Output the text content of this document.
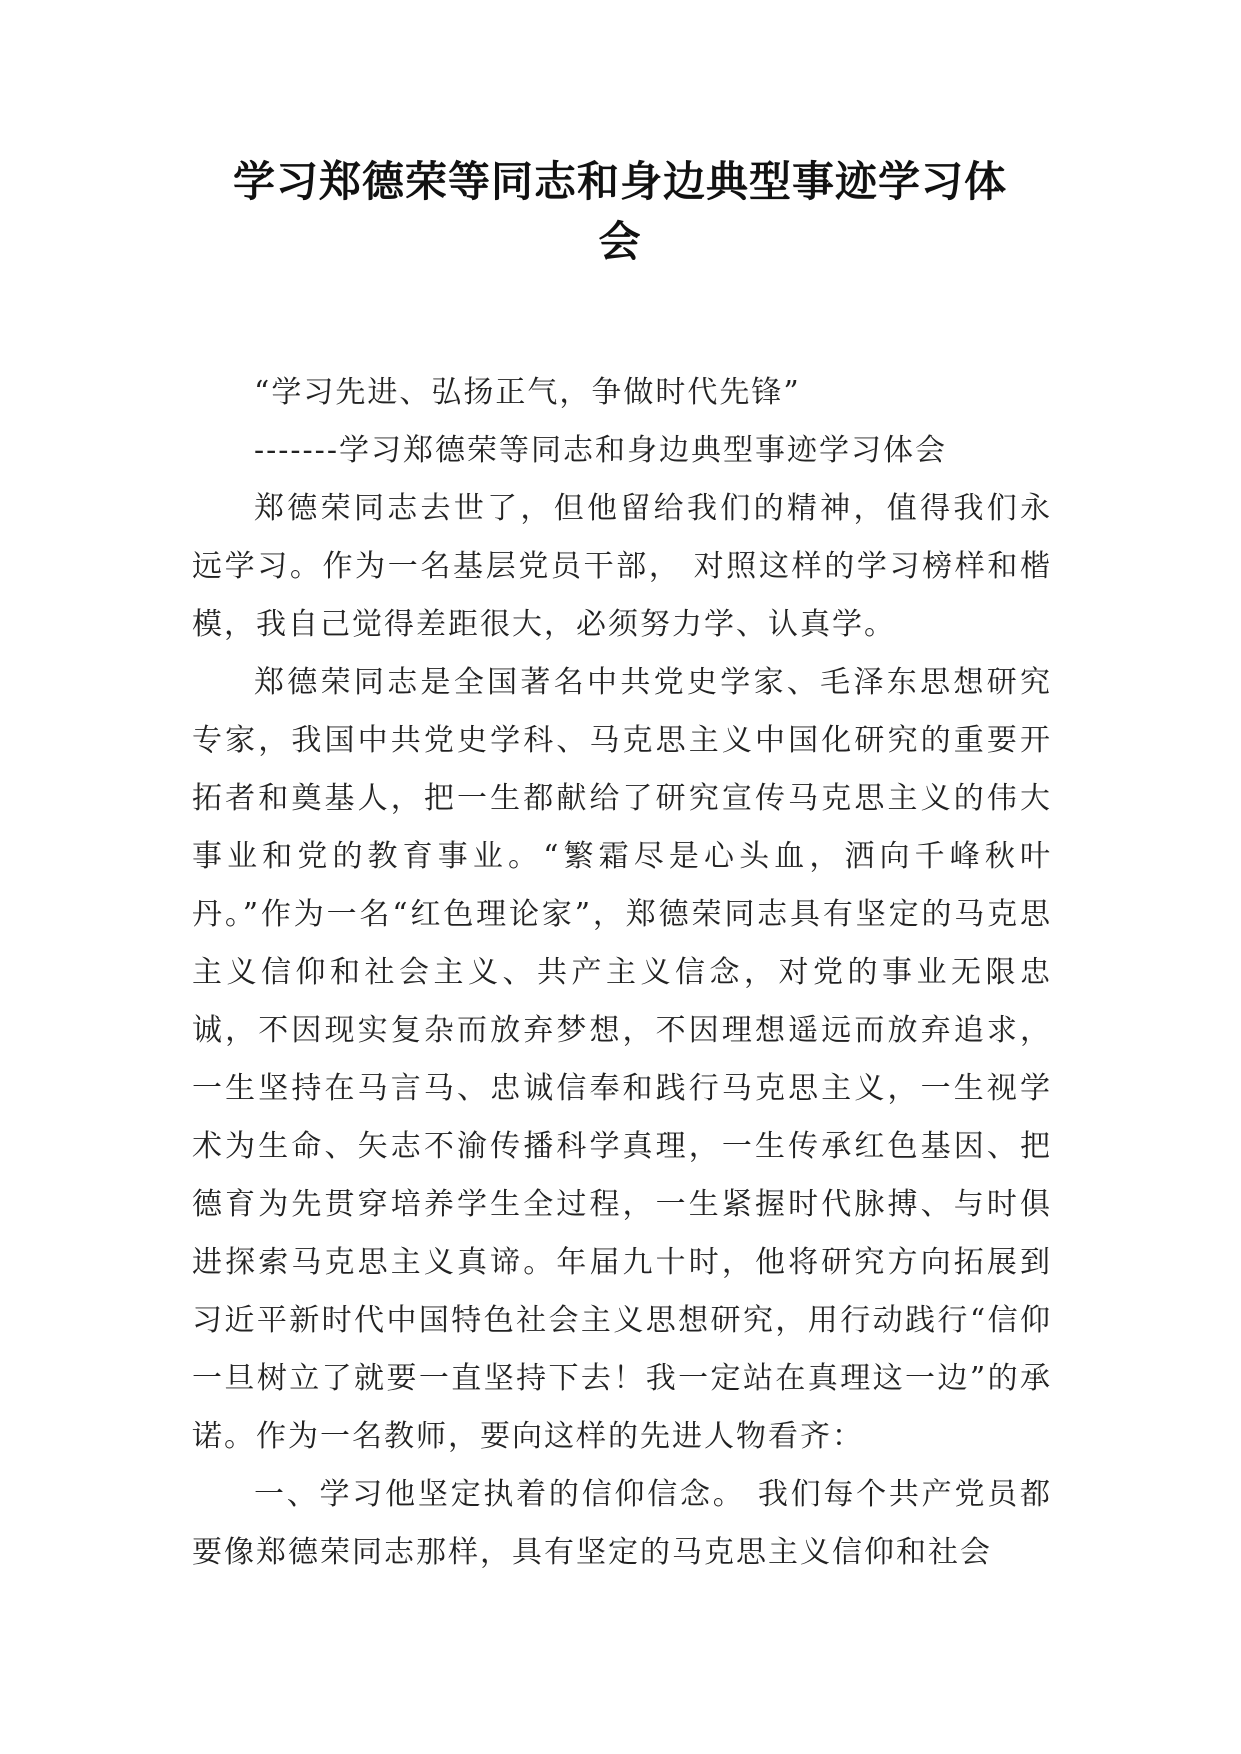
学习郑德荣等同志和身边典型事迹学习体
会

“学习先进、弘扬正气，争做时代先锋”

-------学习郑德荣等同志和身边典型事迹学习体会

郑德荣同志去世了，但他留给我们的精神，值得我们永远学习。作为一名基层党员干部， 对照这样的学习榜样和楷模，我自己觉得差距很大，必须努力学、认真学。

郑德荣同志是全国著名中共党史学家、毛泽东思想研究专家，我国中共党史学科、马克思主义中国化研究的重要开拓者和奠基人，把一生都献给了研究宣传马克思主义的伟大事业和党的教育事业。“繁霜尽是心头血，洒向千峰秋叶丹。”作为一名“红色理论家”，郑德荣同志具有坚定的马克思主义信仰和社会主义、共产主义信念，对党的事业无限忠诚，不因现实复杂而放弃梦想，不因理想遥远而放弃追求，一生坚持在马言马、忠诚信奉和践行马克思主义，一生视学术为生命、矢志不渝传播科学真理，一生传承红色基因、把德育为先贯穿培养学生全过程，一生紧握时代脉搏、与时俱进探索马克思主义真谛。年届九十时，他将研究方向拓展到习近平新时代中国特色社会主义思想研究，用行动践行“信仰一旦树立了就要一直坚持下去！我一定站在真理这一边”的承诺。作为一名教师，要向这样的先进人物看齐：

一、学习他坚定执着的信仰信念。 我们每个共产党员都要像郑德荣同志那样，具有坚定的马克思主义信仰和社会
